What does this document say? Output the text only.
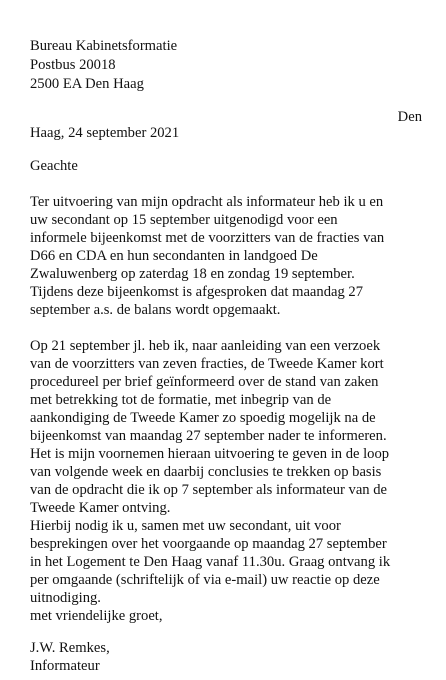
Bureau Kabinetsformatie
Postbus 20018
2500 EA Den Haag
Den
Haag, 24 september 2021
Geachte
Ter uitvoering van mijn opdracht als informateur heb ik u en
uw secondant op 15 september uitgenodigd voor een
informele bijeenkomst met de voorzitters van de fracties van
D66 en CDA en hun secondanten in landgoed De
Zwaluwenberg op zaterdag 18 en zondag 19 september.
Tijdens deze bijeenkomst is afgesproken dat maandag 27
september a.s. de balans wordt opgemaakt.
Op 21 september jl. heb ik, naar aanleiding van een verzoek
van de voorzitters van zeven fracties, de Tweede Kamer kort
procedureel per brief geïnformeerd over de stand van zaken
met betrekking tot de formatie, met inbegrip van de
aankondiging de Tweede Kamer zo spoedig mogelijk na de
bijeenkomst van maandag 27 september nader te informeren.
Het is mijn voornemen hieraan uitvoering te geven in de loop
van volgende week en daarbij conclusies te trekken op basis
van de opdracht die ik op 7 september als informateur van de
Tweede Kamer ontving.
Hierbij nodig ik u, samen met uw secondant, uit voor
besprekingen over het voorgaande op maandag 27 september
in het Logement te Den Haag vanaf 11.30u. Graag ontvang ik
per omgaande (schriftelijk of via e-mail) uw reactie op deze
uitnodiging.
met vriendelijke groet,
J.W. Remkes,
Informateur
